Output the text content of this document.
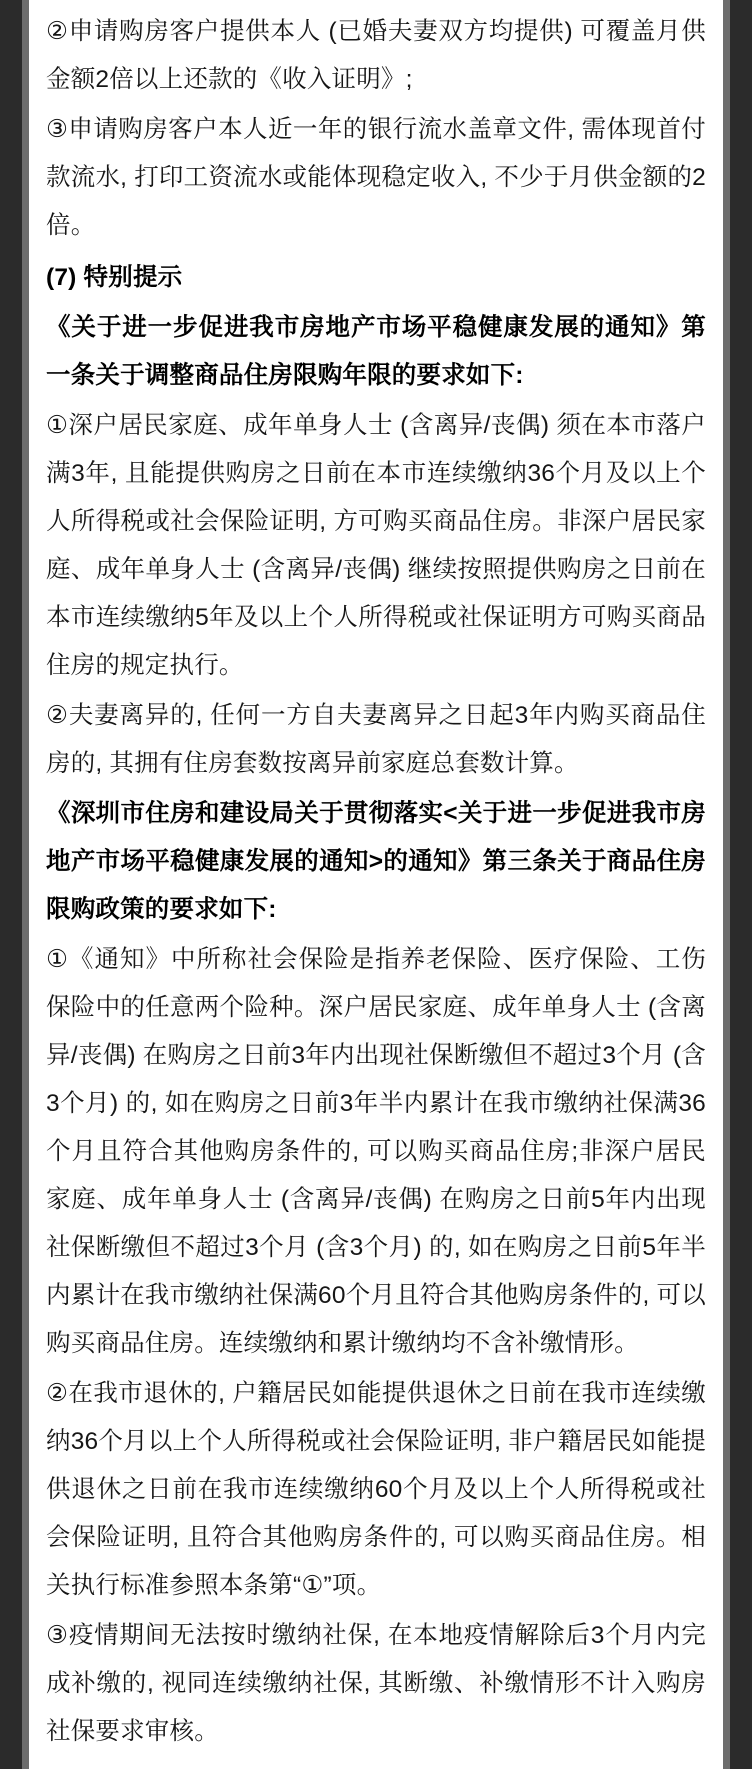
②申请购房客户提供本人 (已婚夫妻双方均提供) 可覆盖月供金额2倍以上还款的《收入证明》;

③申请购房客户本人近一年的银行流水盖章文件, 需体现首付款流水, 打印工资流水或能体现稳定收入, 不少于月供金额的2倍。

(7) 特别提示

《关于进一步促进我市房地产市场平稳健康发展的通知》第一条关于调整商品住房限购年限的要求如下:

①深户居民家庭、成年单身人士 (含离异/丧偶) 须在本市落户满3年, 且能提供购房之日前在本市连续缴纳36个月及以上个人所得税或社会保险证明, 方可购买商品住房。非深户居民家庭、成年单身人士 (含离异/丧偶) 继续按照提供购房之日前在本市连续缴纳5年及以上个人所得税或社保证明方可购买商品住房的规定执行。

②夫妻离异的, 任何一方自夫妻离异之日起3年内购买商品住房的, 其拥有住房套数按离异前家庭总套数计算。

《深圳市住房和建设局关于贯彻落实<关于进一步促进我市房地产市场平稳健康发展的通知>的通知》第三条关于商品住房限购政策的要求如下:

①《通知》中所称社会保险是指养老保险、医疗保险、工伤保险中的任意两个险种。深户居民家庭、成年单身人士 (含离异/丧偶) 在购房之日前3年内出现社保断缴但不超过3个月 (含3个月) 的, 如在购房之日前3年半内累计在我市缴纳社保满36个月且符合其他购房条件的, 可以购买商品住房;非深户居民家庭、成年单身人士 (含离异/丧偶) 在购房之日前5年内出现社保断缴但不超过3个月 (含3个月) 的, 如在购房之日前5年半内累计在我市缴纳社保满60个月且符合其他购房条件的, 可以购买商品住房。连续缴纳和累计缴纳均不含补缴情形。

②在我市退休的, 户籍居民如能提供退休之日前在我市连续缴纳36个月以上个人所得税或社会保险证明, 非户籍居民如能提供退休之日前在我市连续缴纳60个月及以上个人所得税或社会保险证明, 且符合其他购房条件的, 可以购买商品住房。相关执行标准参照本条第“①”项。

③疫情期间无法按时缴纳社保, 在本地疫情解除后3个月内完成补缴的, 视同连续缴纳社保, 其断缴、补缴情形不计入购房社保要求审核。
